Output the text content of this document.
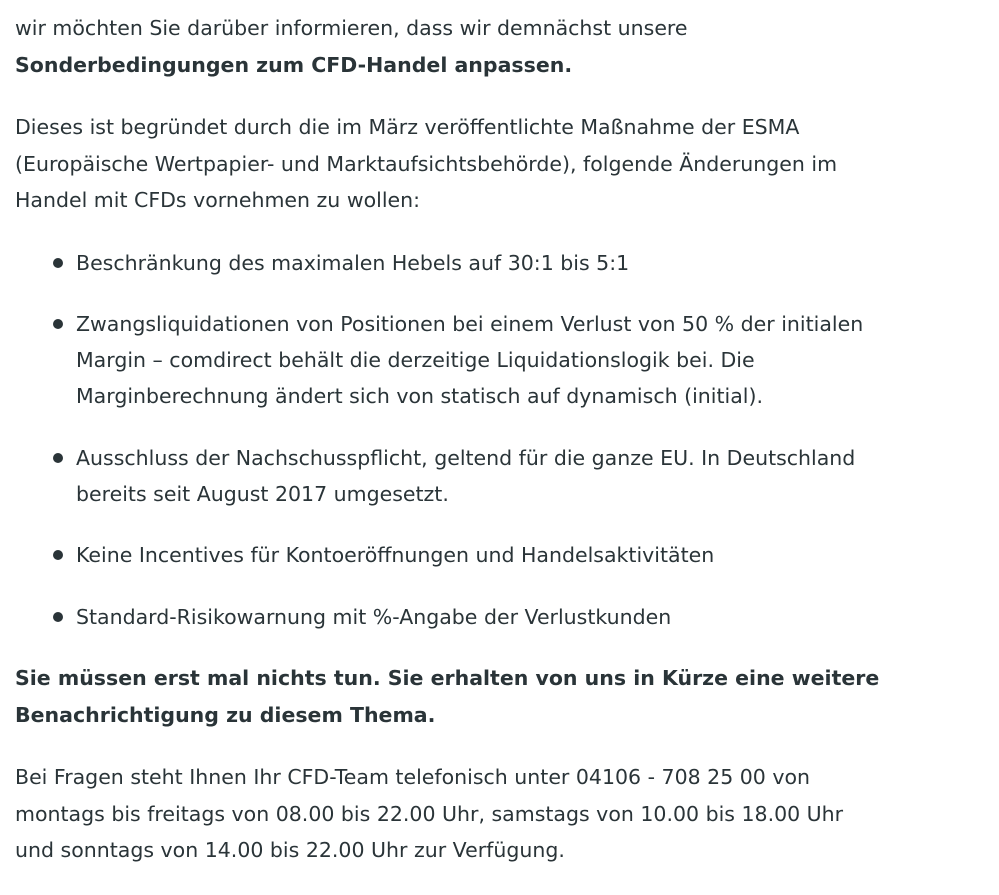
wir möchten Sie darüber informieren, dass wir demnächst unsere
Sonderbedingungen zum CFD-Handel anpassen.

Dieses ist begründet durch die im März veröffentlichte Maßnahme der ESMA
(Europäische Wertpapier- und Marktaufsichtsbehörde), folgende Änderungen im
Handel mit CFDs vornehmen zu wollen:

Beschränkung des maximalen Hebels auf 30:1 bis 5:1
Zwangsliquidationen von Positionen bei einem Verlust von 50 % der initialen
Margin – comdirect behält die derzeitige Liquidationslogik bei. Die
Marginberechnung ändert sich von statisch auf dynamisch (initial).
Ausschluss der Nachschusspflicht, geltend für die ganze EU. In Deutschland
bereits seit August 2017 umgesetzt.
Keine Incentives für Kontoeröffnungen und Handelsaktivitäten
Standard-Risikowarnung mit %-Angabe der Verlustkunden

Sie müssen erst mal nichts tun. Sie erhalten von uns in Kürze eine weitere
Benachrichtigung zu diesem Thema.

Bei Fragen steht Ihnen Ihr CFD-Team telefonisch unter 04106 - 708 25 00 von
montags bis freitags von 08.00 bis 22.00 Uhr, samstags von 10.00 bis 18.00 Uhr
und sonntags von 14.00 bis 22.00 Uhr zur Verfügung.
